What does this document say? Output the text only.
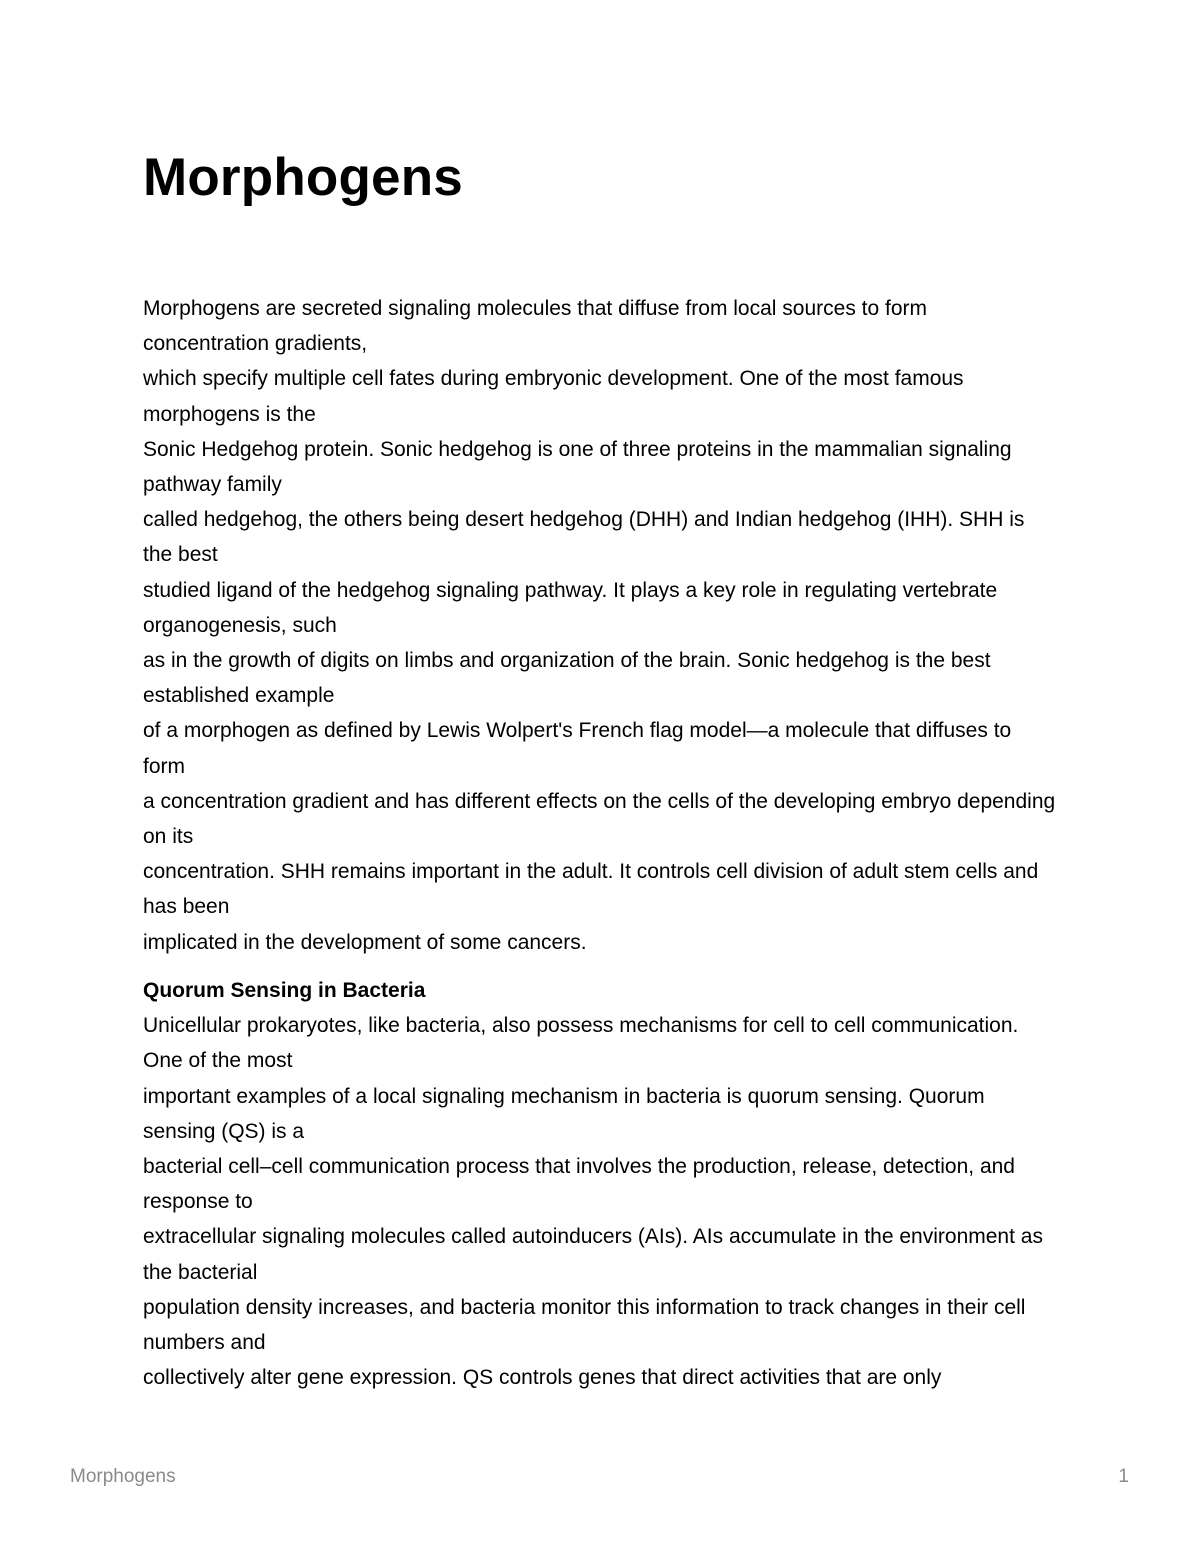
Morphogens
Morphogens are secreted signaling molecules that diffuse from local sources to form concentration gradients,
which specify multiple cell fates during embryonic development. One of the most famous morphogens is the
Sonic Hedgehog protein. Sonic hedgehog is one of three proteins in the mammalian signaling pathway family
called hedgehog, the others being desert hedgehog (DHH) and Indian hedgehog (IHH). SHH is the best
studied ligand of the hedgehog signaling pathway. It plays a key role in regulating vertebrate organogenesis, such
as in the growth of digits on limbs and organization of the brain. Sonic hedgehog is the best established example
of a morphogen as defined by Lewis Wolpert's French flag model—a molecule that diffuses to form
a concentration gradient and has different effects on the cells of the developing embryo depending on its
concentration. SHH remains important in the adult. It controls cell division of adult stem cells and has been
implicated in the development of some cancers.
Quorum Sensing in Bacteria
Unicellular prokaryotes, like bacteria, also possess mechanisms for cell to cell communication. One of the most
important examples of a local signaling mechanism in bacteria is quorum sensing. Quorum sensing (QS) is a
bacterial cell–cell communication process that involves the production, release, detection, and response to
extracellular signaling molecules called autoinducers (AIs). AIs accumulate in the environment as the bacterial
population density increases, and bacteria monitor this information to track changes in their cell numbers and
collectively alter gene expression. QS controls genes that direct activities that are only
Morphogens	1
